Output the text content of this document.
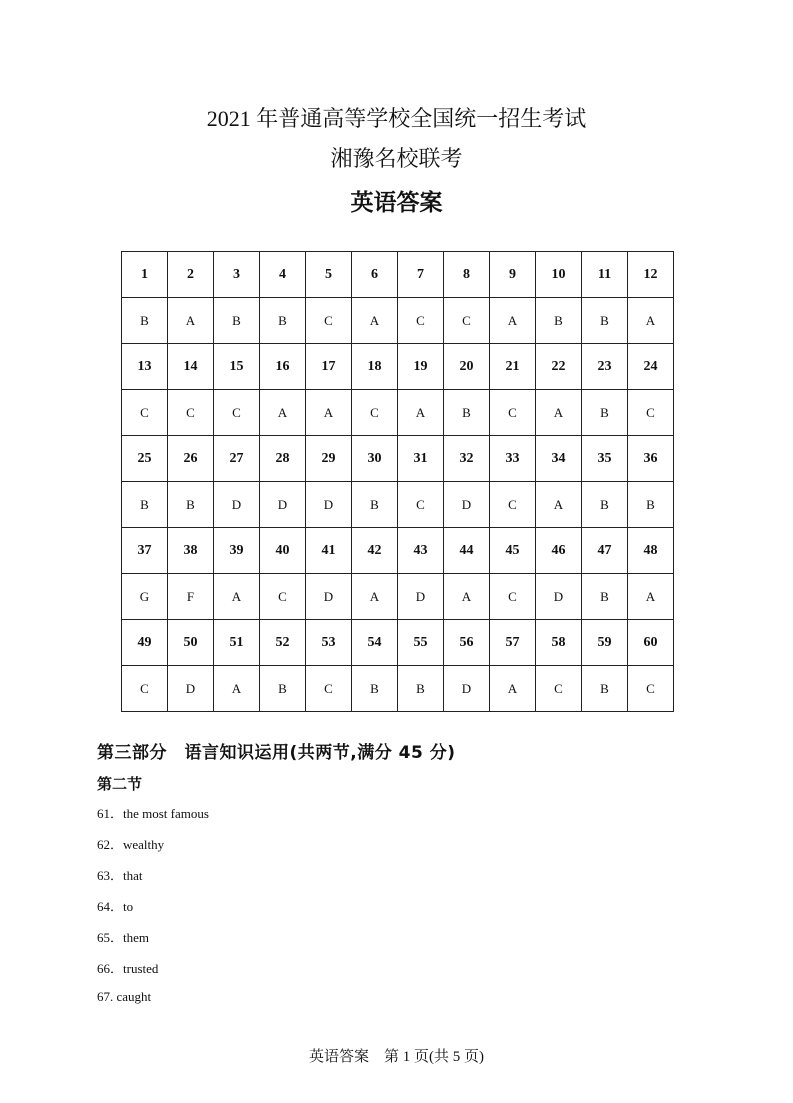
2021 年普通高等学校全国统一招生考试
湘豫名校联考
英语答案
1	2	3	4	5	6	7	8	9	10	11	12
B	A	B	B	C	A	C	C	A	B	B	A
13	14	15	16	17	18	19	20	21	22	23	24
C	C	C	A	A	C	A	B	C	A	B	C
25	26	27	28	29	30	31	32	33	34	35	36
B	B	D	D	D	B	C	D	C	A	B	B
37	38	39	40	41	42	43	44	45	46	47	48
G	F	A	C	D	A	D	A	C	D	B	A
49	50	51	52	53	54	55	56	57	58	59	60
C	D	A	B	C	B	B	D	A	C	B	C
第三部分　语言知识运用(共两节,满分 45 分)
第二节
61．the most famous
62．wealthy
63．that
64．to
65．them
66．trusted
67. caught
英语答案　第 1 页(共 5 页)
